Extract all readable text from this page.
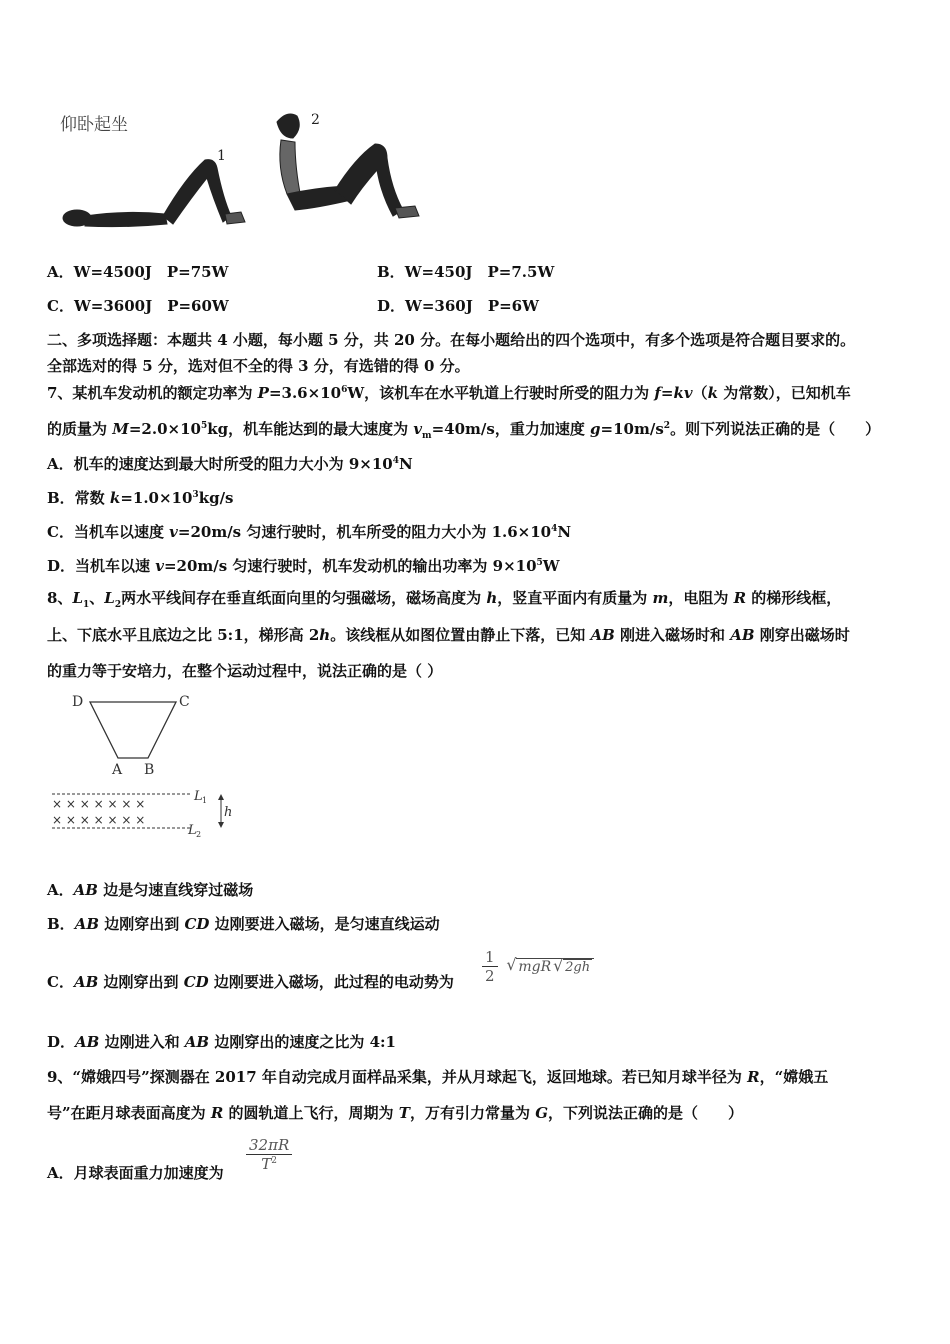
仰卧起坐
1
2
A．W=4500J　P=75W	B．W=450J　P=7.5W
C．W=3600J　P=60W	D．W=360J　P=6W
二、多项选择题：本题共 4 小题，每小题 5 分，共 20 分。在每小题给出的四个选项中，有多个选项是符合题目要求的。
全部选对的得 5 分，选对但不全的得 3 分，有选错的得 0 分。
7、某机车发动机的额定功率为 $P=3.6\times 10^6W$，该机车在水平轨道上行驶时所受的阻力为 f=kv（k 为常数），已知机车
的质量为 $M=2.0\times 10^5kg$，机车能达到的最大速度为 $v_m=40m/s$，重力加速度 $g=10m/s^2$。则下列说法正确的是（　　）
A．机车的速度达到最大时所受的阻力大小为 $9\times 10^4N$
B．常数 $k=1.0\times 10^3kg/s$
C．当机车以速度 v=20m/s 匀速行驶时，机车所受的阻力大小为 $1.6\times 10^4N$
D．当机车以速 v=20m/s 匀速行驶时，机车发动机的输出功率为 $9\times 10^5W$
8、$L_1$、$L_2$两水平线间存在垂直纸面向里的匀强磁场，磁场高度为 h，竖直平面内有质量为 m，电阻为 R 的梯形线框，
上、下底水平且底边之比 5:1，梯形高 2h。该线框从如图位置由静止下落，已知 AB 刚进入磁场时和 AB 刚穿出磁场时
的重力等于安培力，在整个运动过程中，说法正确的是（ ）
D	C
A B
× × × × × × ×
× × × × × × ×
L 1
L 2
h
A．AB 边是匀速直线穿过磁场
B．AB 边刚穿出到 CD 边刚要进入磁场，是匀速直线运动
C．AB 边刚穿出到 CD 边刚要进入磁场，此过程的电动势为 $\frac{1}{2}$ √ mgR √ 2gh
D．AB 边刚进入和 AB 边刚穿出的速度之比为 4:1
9、“嫦娥四号”探测器在 2017 年自动完成月面样品采集，并从月球起飞，返回地球。若已知月球半径为 R，“嫦娥五
号”在距月球表面高度为 R 的圆轨道上飞行，周期为 T，万有引力常量为 G，下列说法正确的是（　　）
A．月球表面重力加速度为 $\frac{32\pi R}{T^2}$
